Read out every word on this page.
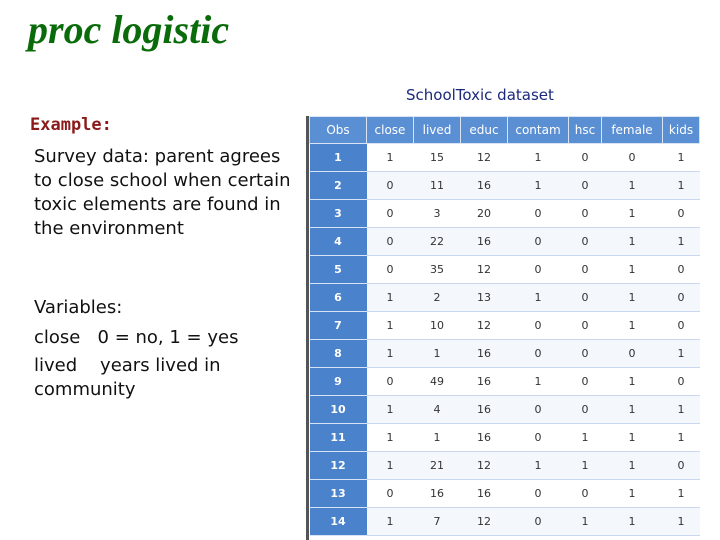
proc logistic
Example:
Survey data: parent agrees to close school when certain toxic elements are found in the environment
Variables:
close   0 = no, 1 = yes
lived    years lived in community
SchoolToxic dataset
Obs	close	lived	educ	contam	hsc	female	kids
1	1	15	12	1	0	0	1
2	0	11	16	1	0	1	1
3	0	3	20	0	0	1	0
4	0	22	16	0	0	1	1
5	0	35	12	0	0	1	0
6	1	2	13	1	0	1	0
7	1	10	12	0	0	1	0
8	1	1	16	0	0	0	1
9	0	49	16	1	0	1	0
10	1	4	16	0	0	1	1
11	1	1	16	0	1	1	1
12	1	21	12	1	1	1	0
13	0	16	16	0	0	1	1
14	1	7	12	0	1	1	1
